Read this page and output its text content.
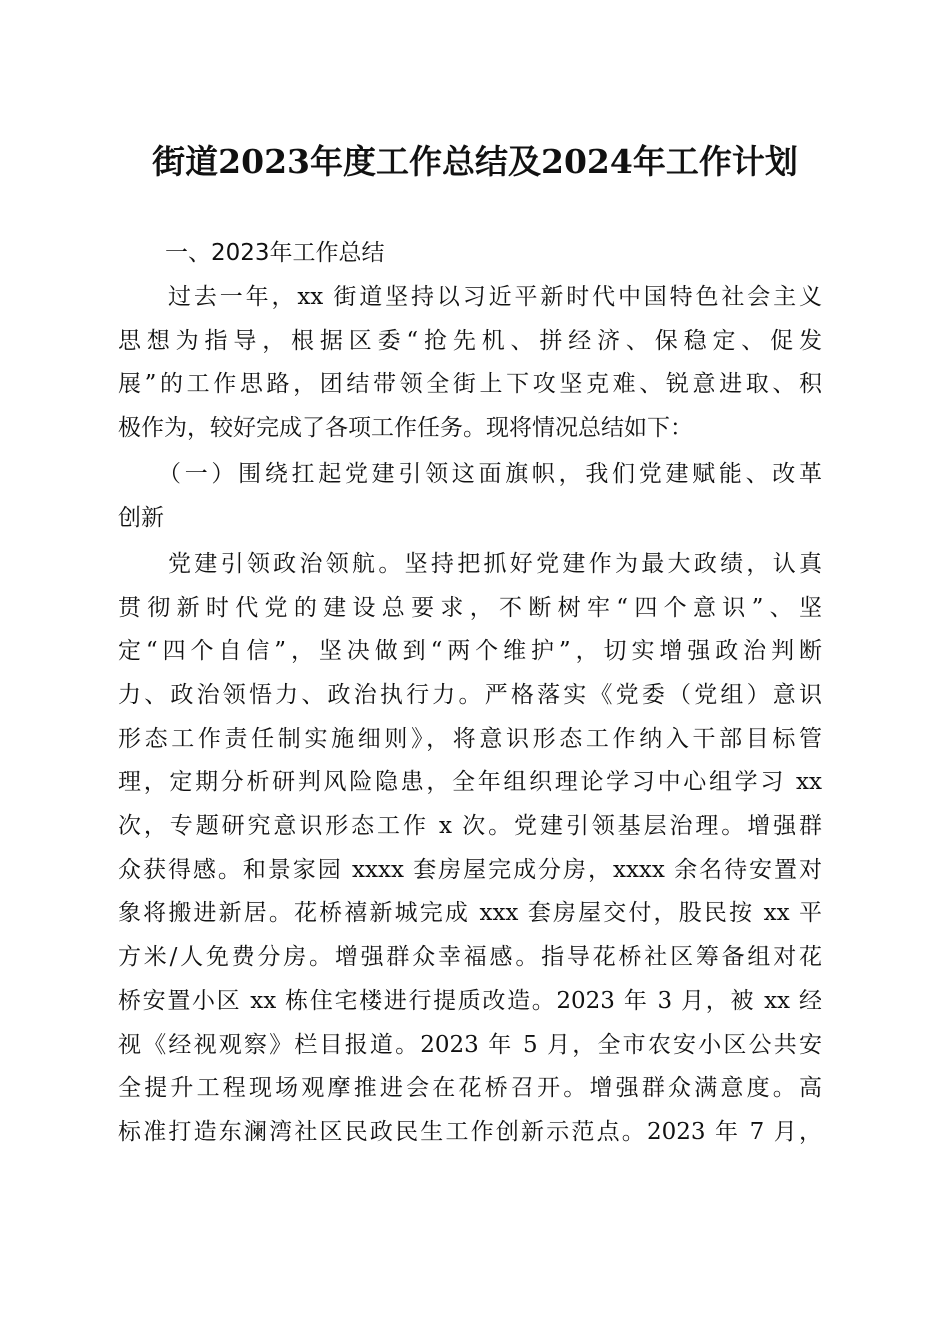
街道2023年度工作总结及2024年工作计划
一、2023年工作总结
过去一年，xx 街道坚持以习近平新时代中国特色社会主义
思想为指导，根据区委“抢先机、拼经济、保稳定、促发
展”的工作思路，团结带领全街上下攻坚克难、锐意进取、积
极作为，较好完成了各项工作任务。现将情况总结如下：
（一）围绕扛起党建引领这面旗帜，我们党建赋能、改革
创新
党建引领政治领航。坚持把抓好党建作为最大政绩，认真
贯彻新时代党的建设总要求，不断树牢“四个意识”、坚
定“四个自信”，坚决做到“两个维护”，切实增强政治判断
力、政治领悟力、政治执行力。严格落实《党委（党组）意识
形态工作责任制实施细则》，将意识形态工作纳入干部目标管
理，定期分析研判风险隐患，全年组织理论学习中心组学习 xx
次，专题研究意识形态工作 x 次。党建引领基层治理。增强群
众获得感。和景家园 xxxx 套房屋完成分房，xxxx 余名待安置对
象将搬进新居。花桥禧新城完成 xxx 套房屋交付，股民按 xx 平
方米/人免费分房。增强群众幸福感。指导花桥社区筹备组对花
桥安置小区 xx 栋住宅楼进行提质改造。2023 年 3 月，被 xx 经
视《经视观察》栏目报道。2023 年 5 月，全市农安小区公共安
全提升工程现场观摩推进会在花桥召开。增强群众满意度。高
标准打造东澜湾社区民政民生工作创新示范点。2023 年 7 月，
